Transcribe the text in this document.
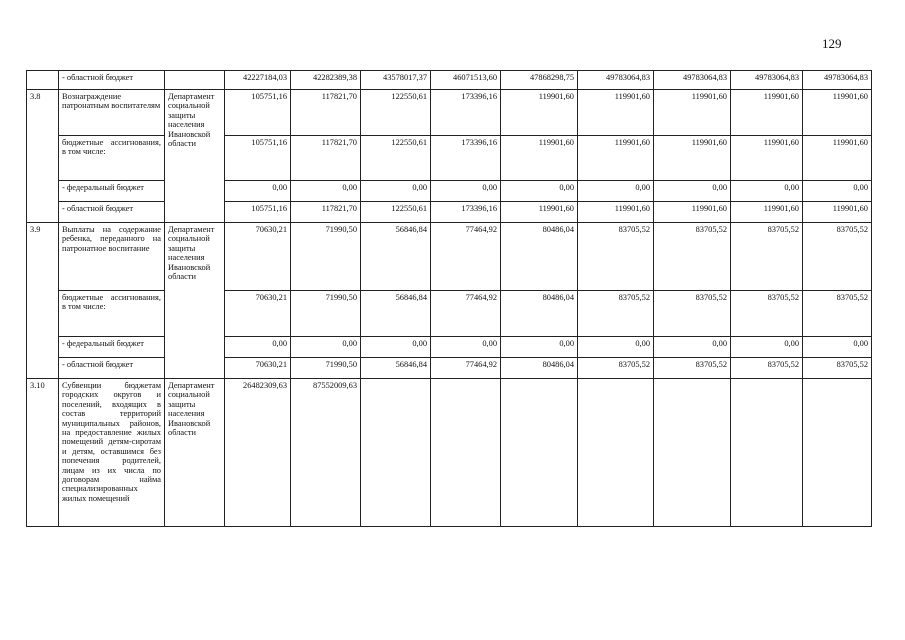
129
	- областной бюджет		42227184,03	42282389,38	43578017,37	46071513,60	47868298,75	49783064,83	49783064,83	49783064,83	49783064,83
3.8	Вознаграждение патронатным воспитателям	Департамент социальной защиты населения Ивановской области	105751,16	117821,70	122550,61	173396,16	119901,60	119901,60	119901,60	119901,60	119901,60
	бюджетные ассигнования, в том числе:		105751,16	117821,70	122550,61	173396,16	119901,60	119901,60	119901,60	119901,60	119901,60
	- федеральный бюджет		0,00	0,00	0,00	0,00	0,00	0,00	0,00	0,00	0,00
	- областной бюджет		105751,16	117821,70	122550,61	173396,16	119901,60	119901,60	119901,60	119901,60	119901,60
3.9	Выплаты на содержание ребенка, переданного на патронатное воспитание	Департамент социальной защиты населения Ивановской области	70630,21	71990,50	56846,84	77464,92	80486,04	83705,52	83705,52	83705,52	83705,52
	бюджетные ассигнования, в том числе:		70630,21	71990,50	56846,84	77464,92	80486,04	83705,52	83705,52	83705,52	83705,52
	- федеральный бюджет		0,00	0,00	0,00	0,00	0,00	0,00	0,00	0,00	0,00
	- областной бюджет		70630,21	71990,50	56846,84	77464,92	80486,04	83705,52	83705,52	83705,52	83705,52
3.10	Субвенции бюджетам городских округов и поселений, входящих в состав территорий муниципальных районов, на предоставление жилых помещений детям-сиротам и детям, оставшимся без попечения родителей, лицам из их числа по договорам найма специализированных жилых помещений	Департамент социальной защиты населения Ивановской области	26482309,63	87552009,63							
